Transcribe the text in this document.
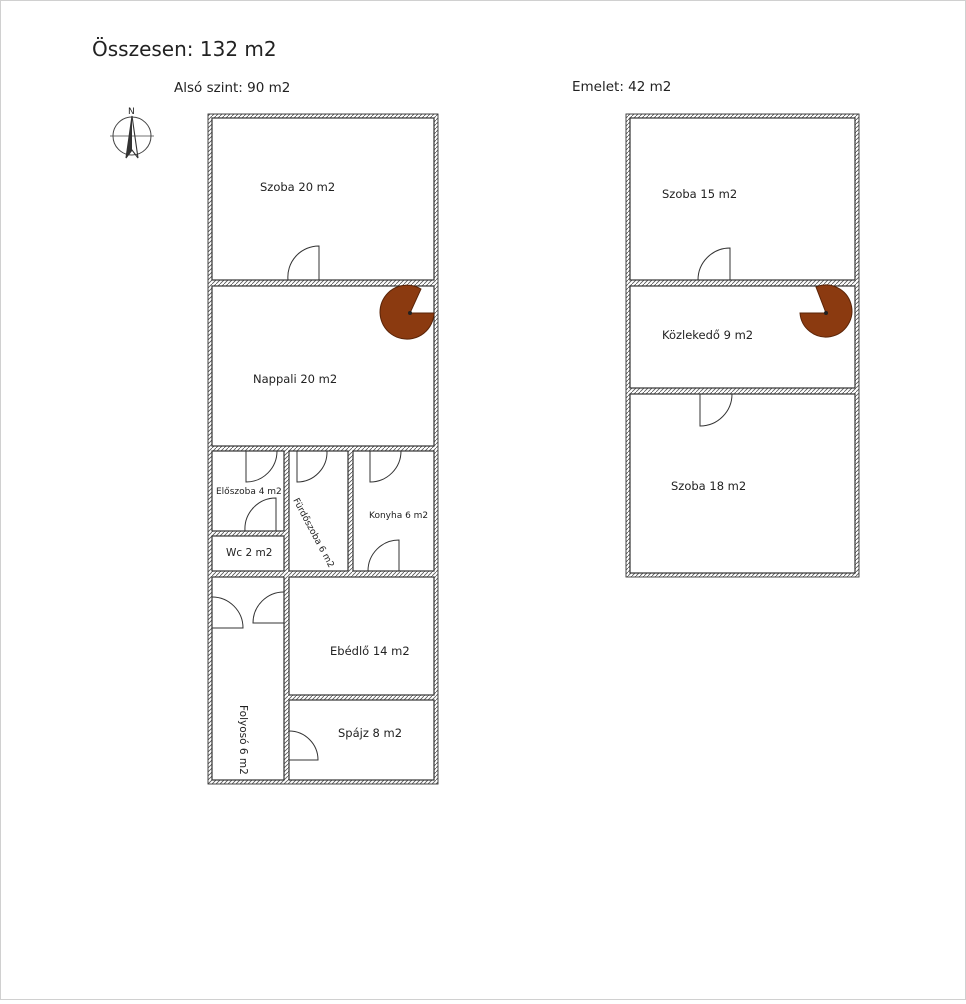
Összesen: 132 m2
Alsó szint: 90 m2	Emelet: 42 m2
N
Szoba 20 m2
Nappali 20 m2
Előszoba 4 m2
Wc 2 m2
Konyha 6 m2
Fürdőszoba 6 m2
Folyosó 6 m2
Ebédlő 14 m2
Spájz 8 m2
Szoba 15 m2
Közlekedő 9 m2
Szoba 18 m2
